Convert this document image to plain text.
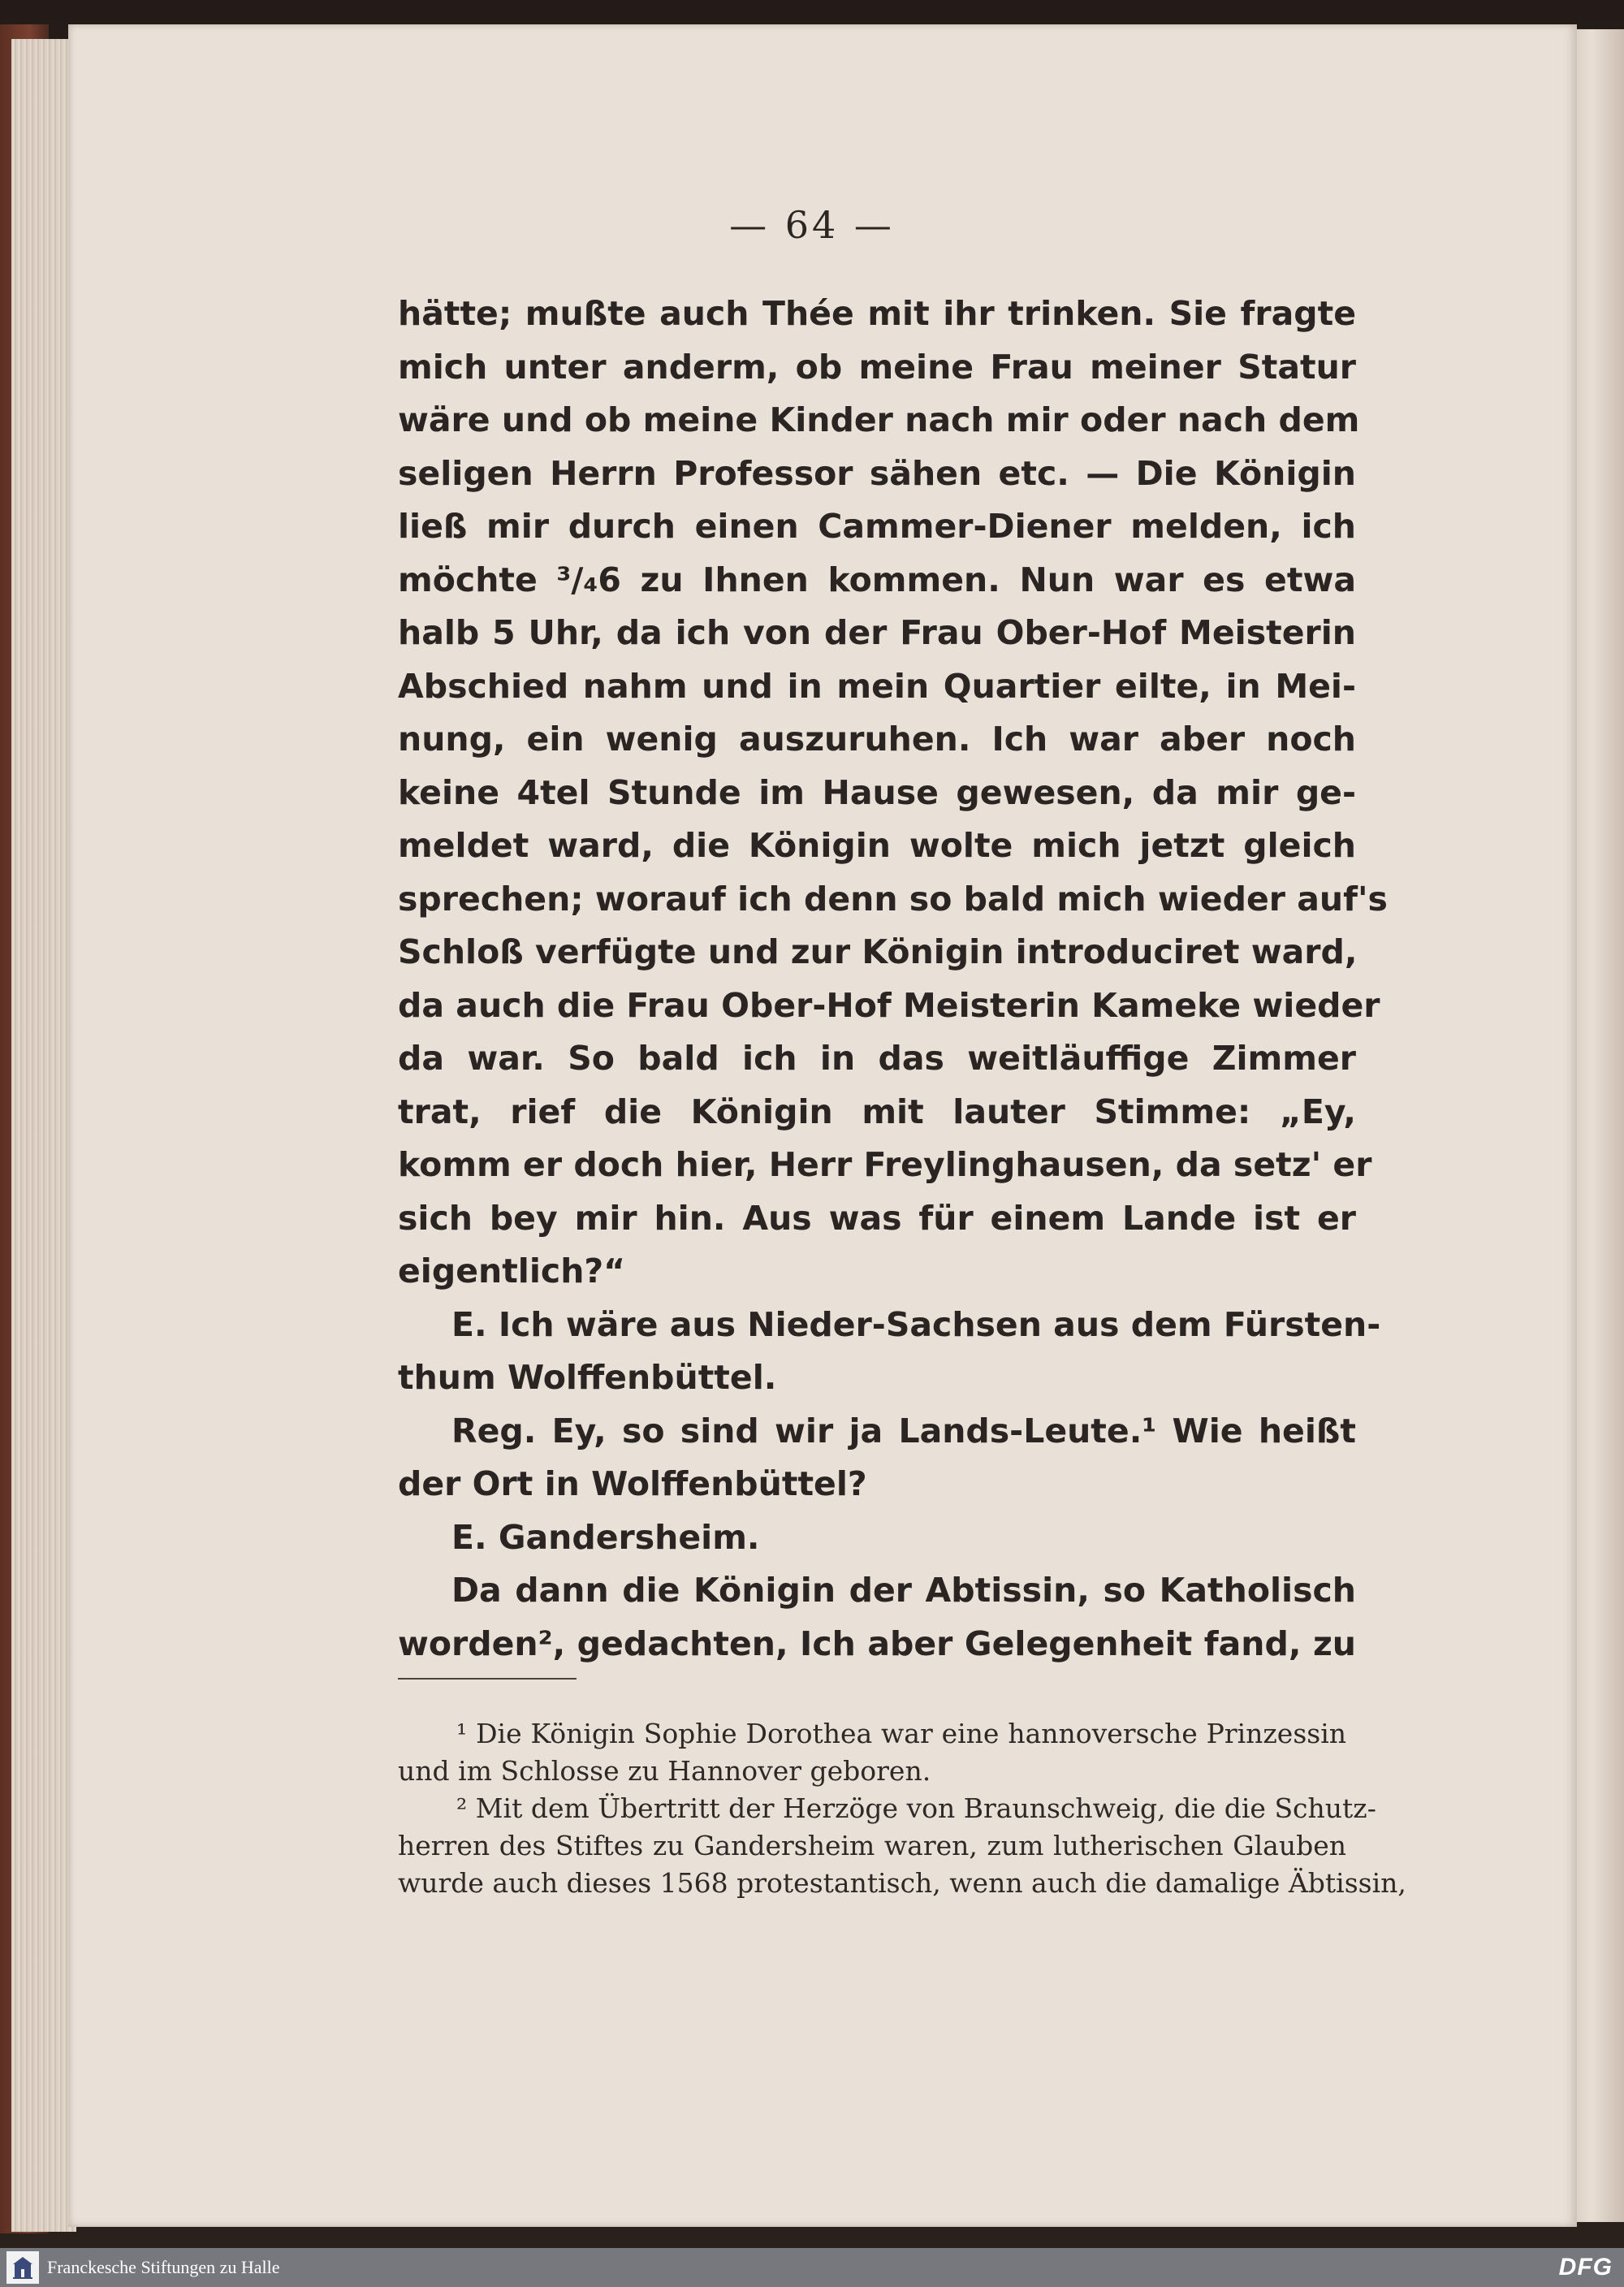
— 64 —
hätte; mußte auch Thée mit ihr trinken. Sie fragte
mich unter anderm, ob meine Frau meiner Statur
wäre und ob meine Kinder nach mir oder nach dem
seligen Herrn Professor sähen etc. — Die Königin
ließ mir durch einen Cammer-Diener melden, ich
möchte ³/₄6 zu Ihnen kommen. Nun war es etwa
halb 5 Uhr, da ich von der Frau Ober-Hof Meisterin
Abschied nahm und in mein Quartier eilte, in Mei-
nung, ein wenig auszuruhen. Ich war aber noch
keine 4tel Stunde im Hause gewesen, da mir ge-
meldet ward, die Königin wolte mich jetzt gleich
sprechen; worauf ich denn so bald mich wieder auf's
Schloß verfügte und zur Königin introduciret ward,
da auch die Frau Ober-Hof Meisterin Kameke wieder
da war. So bald ich in das weitläuffige Zimmer
trat, rief die Königin mit lauter Stimme: „Ey,
komm er doch hier, Herr Freylinghausen, da setz' er
sich bey mir hin. Aus was für einem Lande ist er
eigentlich?“
E. Ich wäre aus Nieder-Sachsen aus dem Fürsten-
thum Wolffenbüttel.
Reg. Ey, so sind wir ja Lands-Leute.¹ Wie heißt
der Ort in Wolffenbüttel?
E. Gandersheim.
Da dann die Königin der Abtissin, so Katholisch
worden², gedachten, Ich aber Gelegenheit fand, zu
¹ Die Königin Sophie Dorothea war eine hannoversche Prinzessin
und im Schlosse zu Hannover geboren.
² Mit dem Übertritt der Herzöge von Braunschweig, die die Schutz-
herren des Stiftes zu Gandersheim waren, zum lutherischen Glauben
wurde auch dieses 1568 protestantisch, wenn auch die damalige Äbtissin,
Franckesche Stiftungen zu Halle	DFG
